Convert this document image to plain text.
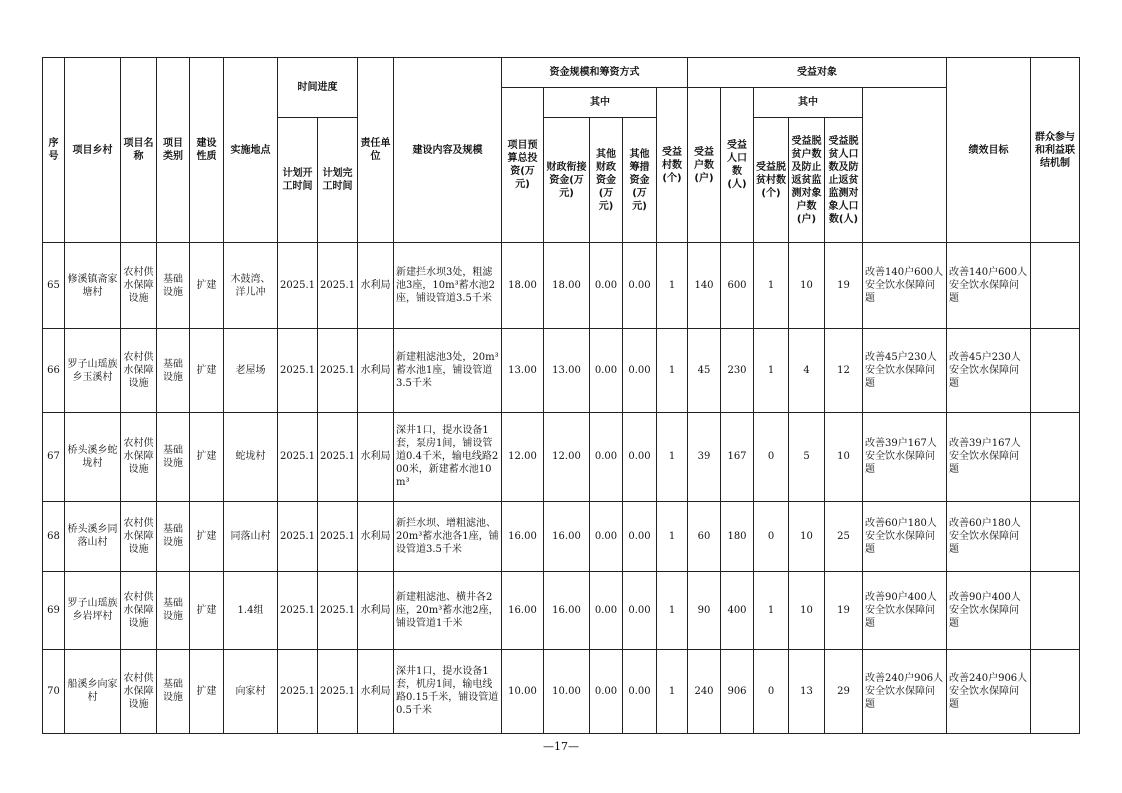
序号	项目乡村	项目名称	项目类别	建设性质	实施地点	时间进度		责任单位	建设内容及规模	资金规模和筹资方式					受益对象						绩效目标	群众参与和利益联结机制	
										项目预算总投资(万元)	其中			受益村数(个)	受益户数(户)	受益人口数(人)	其中						
						计划开工时间	计划完工时间				财政衔接资金(万元)	其他财政资金(万元)	其他筹措资金(万元)				受益脱贫村数(个)	受益脱贫户数及防止返贫监测对象户数(户)	受益脱贫人口数及防止返贫监测对象人口数(人)				
65	修溪镇斋家塘村	农村供水保障设施	基础设施	扩建	木鼓湾、洋儿冲	2025.1	2025.1	水利局	新建拦水坝3处，粗滤池3座，10m³蓄水池2座，铺设管道3.5千米	18.00	18.00	0.00	0.00	1	140	600	1	10	19	改善140户600人安全饮水保障问题	改善140户600人安全饮水保障问题		
66	罗子山瑶族乡玉溪村	农村供水保障设施	基础设施	扩建	老屋场	2025.1	2025.1	水利局	新建粗滤池3处，20m³蓄水池1座，铺设管道3.5千米	13.00	13.00	0.00	0.00	1	45	230	1	4	12	改善45户230人安全饮水保障问题	改善45户230人安全饮水保障问题		
67	桥头溪乡蛇垅村	农村供水保障设施	基础设施	扩建	蛇垅村	2025.1	2025.1	水利局	深井1口，提水设备1套，泵房1间，铺设管道0.4千米，输电线路200米，新建蓄水池10m³	12.00	12.00	0.00	0.00	1	39	167	0	5	10	改善39户167人安全饮水保障问题	改善39户167人安全饮水保障问题		
68	桥头溪乡同落山村	农村供水保障设施	基础设施	扩建	同落山村	2025.1	2025.1	水利局	新拦水坝、增粗滤池、20m³蓄水池各1座，铺设管道3.5千米	16.00	16.00	0.00	0.00	1	60	180	0	10	25	改善60户180人安全饮水保障问题	改善60户180人安全饮水保障问题		
69	罗子山瑶族乡岩坪村	农村供水保障设施	基础设施	扩建	1.4组	2025.1	2025.1	水利局	新建粗滤池、横井各2座，20m³蓄水池2座，铺设管道1千米	16.00	16.00	0.00	0.00	1	90	400	1	10	19	改善90户400人安全饮水保障问题	改善90户400人安全饮水保障问题		
70	船溪乡向家村	农村供水保障设施	基础设施	扩建	向家村	2025.1	2025.1	水利局	深井1口，提水设备1套，机房1间，输电线路0.15千米，铺设管道0.5千米	10.00	10.00	0.00	0.00	1	240	906	0	13	29	改善240户906人安全饮水保障问题	改善240户906人安全饮水保障问题		
—17—
